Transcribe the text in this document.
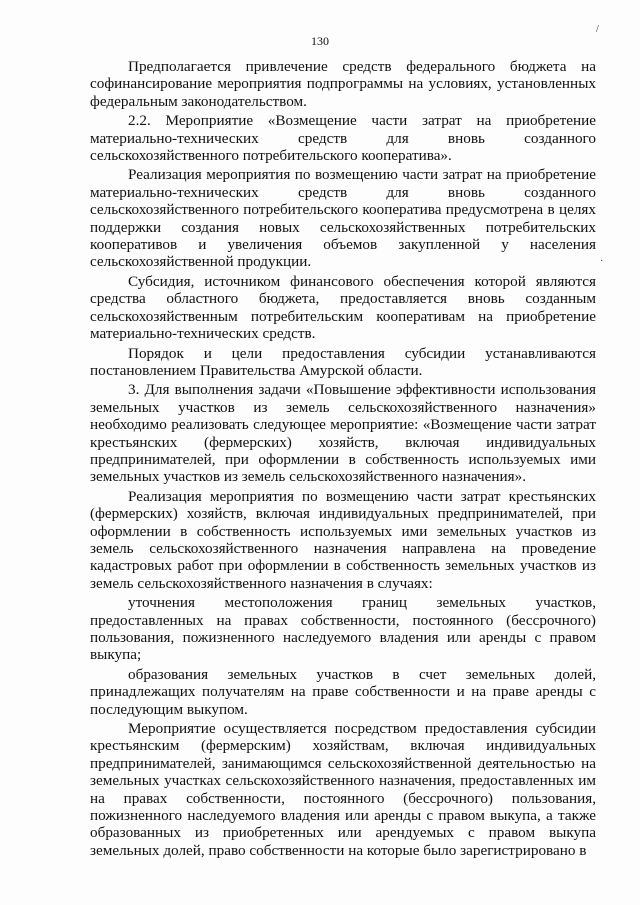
130
/
·

Предполагается привлечение средств федерального бюджета на софинансирование мероприятия подпрограммы на условиях, установленных федеральным законодательством.

2.2. Мероприятие «Возмещение части затрат на приобретение материально-технических средств для вновь созданного сельскохозяйственного потребительского кооператива».

Реализация мероприятия по возмещению части затрат на приобретение материально-технических средств для вновь созданного сельскохозяйственного потребительского кооператива предусмотрена в целях поддержки создания новых сельскохозяйственных потребительских кооперативов и увеличения объемов закупленной у населения сельскохозяйственной продукции.

Субсидия, источником финансового обеспечения которой являются средства областного бюджета, предоставляется вновь созданным сельскохозяйственным потребительским кооперативам на приобретение материально-технических средств.

Порядок и цели предоставления субсидии устанавливаются постановлением Правительства Амурской области.

3. Для выполнения задачи «Повышение эффективности использования земельных участков из земель сельскохозяйственного назначения» необходимо реализовать следующее мероприятие: «Возмещение части затрат крестьянских (фермерских) хозяйств, включая индивидуальных предпринимателей, при оформлении в собственность используемых ими земельных участков из земель сельскохозяйственного назначения».

Реализация мероприятия по возмещению части затрат крестьянских (фермерских) хозяйств, включая индивидуальных предпринимателей, при оформлении в собственность используемых ими земельных участков из земель сельскохозяйственного назначения направлена на проведение кадастровых работ при оформлении в собственность земельных участков из земель сельскохозяйственного назначения в случаях:

уточнения местоположения границ земельных участков, предоставленных на правах собственности, постоянного (бессрочного) пользования, пожизненного наследуемого владения или аренды с правом выкупа;

образования земельных участков в счет земельных долей, принадлежащих получателям на праве собственности и на праве аренды с последующим выкупом.

Мероприятие осуществляется посредством предоставления субсидии крестьянским (фермерским) хозяйствам, включая индивидуальных предпринимателей, занимающимся сельскохозяйственной деятельностью на земельных участках сельскохозяйственного назначения, предоставленных им на правах собственности, постоянного (бессрочного) пользования, пожизненного наследуемого владения или аренды с правом выкупа, а также образованных из приобретенных или арендуемых с правом выкупа земельных долей, право собственности на которые было зарегистрировано в
